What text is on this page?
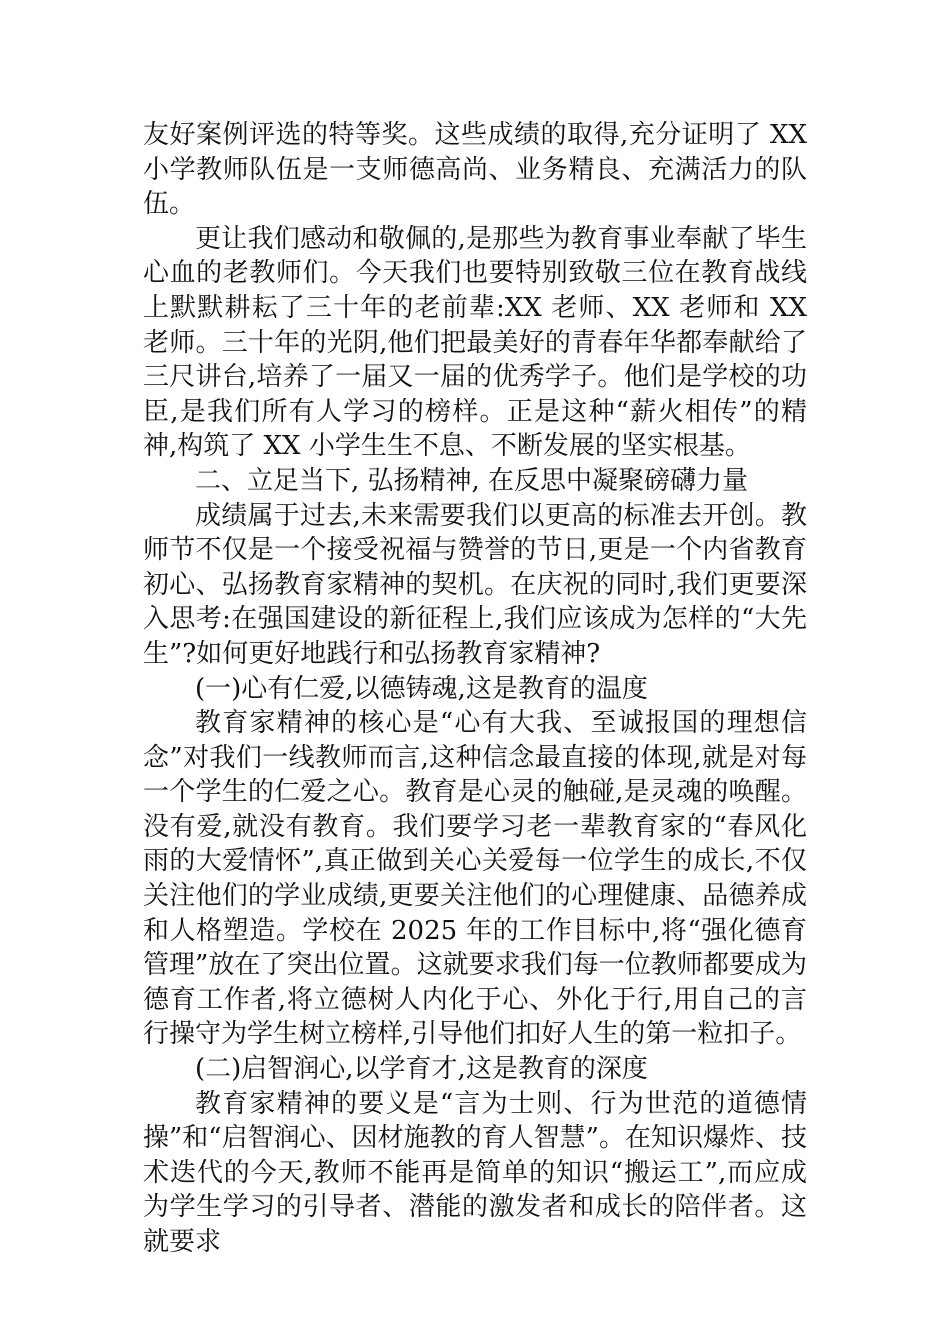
友好案例评选的特等奖。这些成绩的取得,充分证明了 XX 小学教师队伍是一支师德高尚、业务精良、充满活力的队伍。

更让我们感动和敬佩的,是那些为教育事业奉献了毕生心血的老教师们。今天我们也要特别致敬三位在教育战线上默默耕耘了三十年的老前辈:XX 老师、XX 老师和 XX 老师。三十年的光阴,他们把最美好的青春年华都奉献给了三尺讲台,培养了一届又一届的优秀学子。他们是学校的功臣,是我们所有人学习的榜样。正是这种“薪火相传”的精神,构筑了 XX 小学生生不息、不断发展的坚实根基。

二、立足当下, 弘扬精神, 在反思中凝聚磅礴力量

成绩属于过去,未来需要我们以更高的标准去开创。教师节不仅是一个接受祝福与赞誉的节日,更是一个内省教育初心、弘扬教育家精神的契机。在庆祝的同时,我们更要深入思考:在强国建设的新征程上,我们应该成为怎样的“大先生”?如何更好地践行和弘扬教育家精神?

(一)心有仁爱,以德铸魂,这是教育的温度

教育家精神的核心是“心有大我、至诚报国的理想信念”对我们一线教师而言,这种信念最直接的体现,就是对每一个学生的仁爱之心。教育是心灵的触碰,是灵魂的唤醒。没有爱,就没有教育。我们要学习老一辈教育家的“春风化雨的大爱情怀”,真正做到关心关爱每一位学生的成长,不仅关注他们的学业成绩,更要关注他们的心理健康、品德养成和人格塑造。学校在 2025 年的工作目标中,将“强化德育管理”放在了突出位置。这就要求我们每一位教师都要成为德育工作者,将立德树人内化于心、外化于行,用自己的言行操守为学生树立榜样,引导他们扣好人生的第一粒扣子。

(二)启智润心,以学育才,这是教育的深度

教育家精神的要义是“言为士则、行为世范的道德情操”和“启智润心、因材施教的育人智慧”。在知识爆炸、技术迭代的今天,教师不能再是简单的知识“搬运工”,而应成为学生学习的引导者、潜能的激发者和成长的陪伴者。这就要求
